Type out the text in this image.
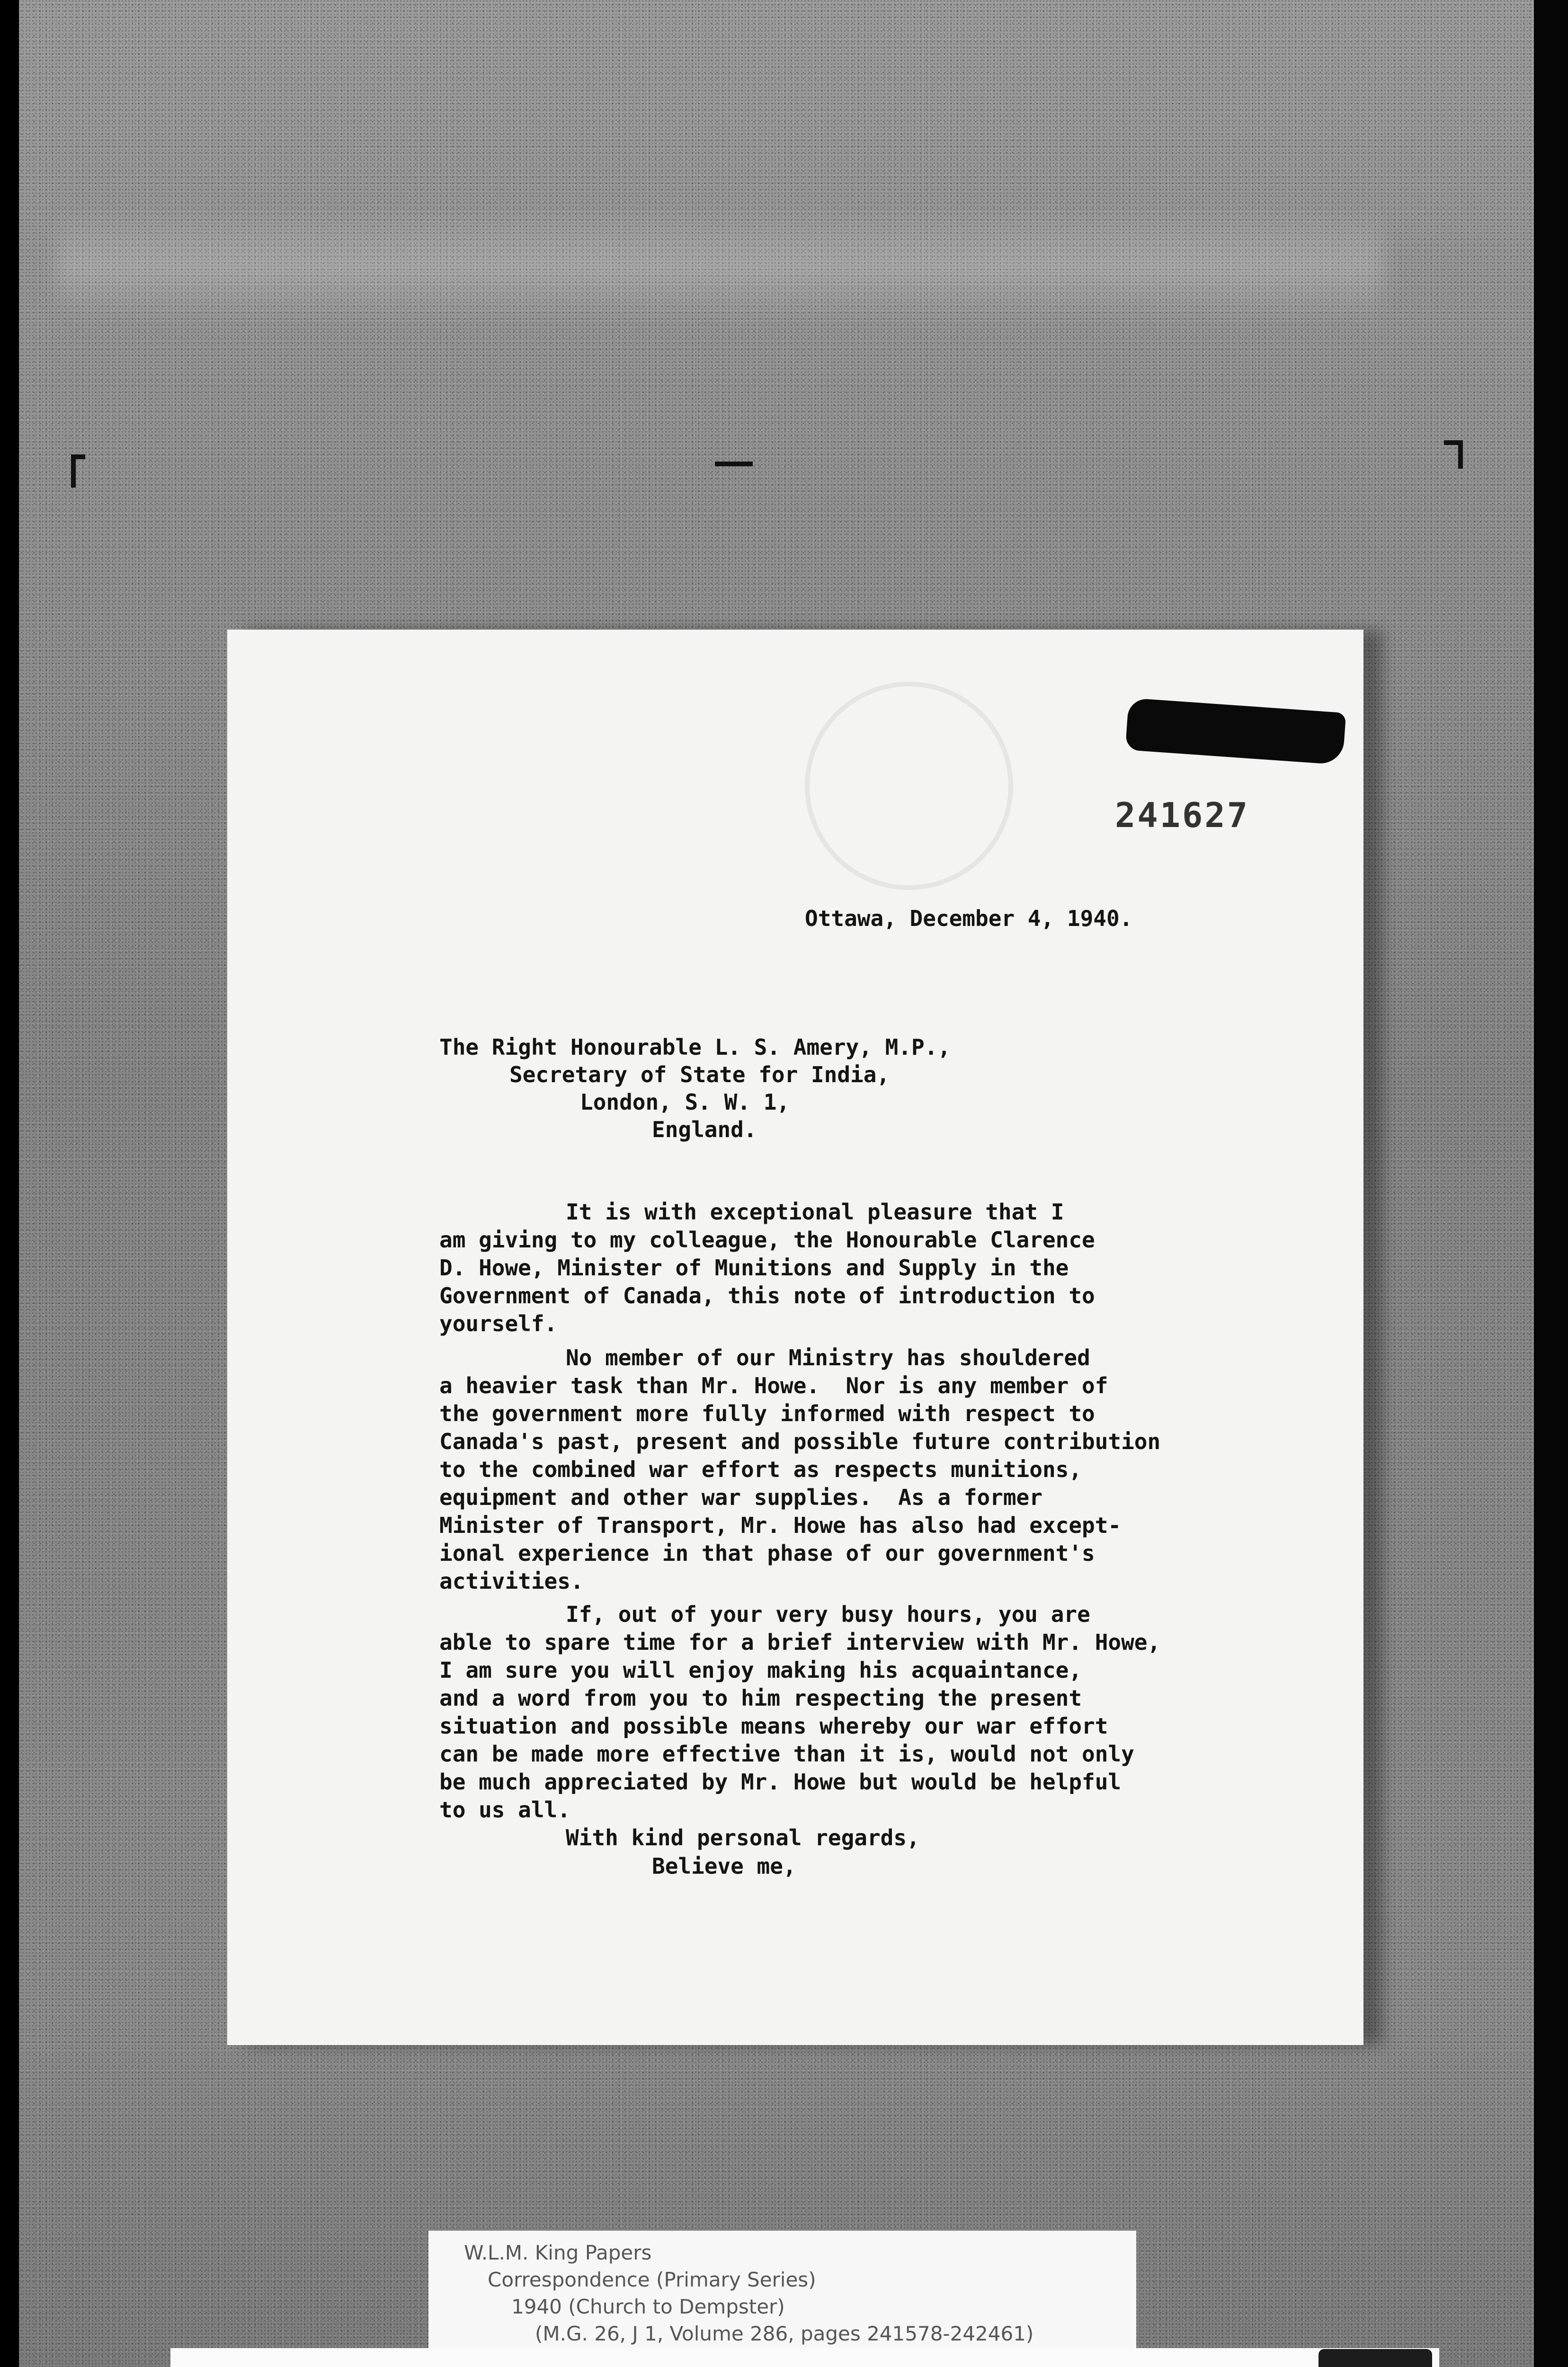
241627
Ottawa, December 4, 1940.
The Right Honourable L. S. Amery, M.P.,
Secretary of State for India,
London, S. W. 1,
England.
It is with exceptional pleasure that I
am giving to my colleague, the Honourable Clarence
D. Howe, Minister of Munitions and Supply in the
Government of Canada, this note of introduction to
yourself.
No member of our Ministry has shouldered
a heavier task than Mr. Howe.  Nor is any member of
the government more fully informed with respect to
Canada's past, present and possible future contribution
to the combined war effort as respects munitions,
equipment and other war supplies.  As a former
Minister of Transport, Mr. Howe has also had except-
ional experience in that phase of our government's
activities.
If, out of your very busy hours, you are
able to spare time for a brief interview with Mr. Howe,
I am sure you will enjoy making his acquaintance,
and a word from you to him respecting the present
situation and possible means whereby our war effort
can be made more effective than it is, would not only
be much appreciated by Mr. Howe but would be helpful
to us all.
With kind personal regards,
Believe me,
W.L.M. King Papers
Correspondence (Primary Series)
1940 (Church to Dempster)
(M.G. 26, J 1, Volume 286, pages 241578-242461)
